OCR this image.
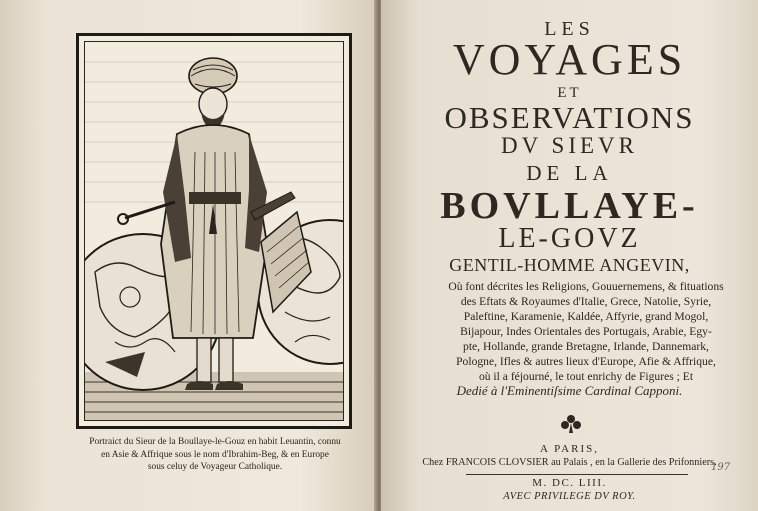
Portraict du Sieur de la Boullaye-le-Gouz en habit Leuantin, connu
en Asie & Affrique sous le nom d'Ibrahim-Beg, & en Europe
sous celuy de Voyageur Catholique.
LES
VOYAGES
ET
OBSERVATIONS
DV SIEVR
DE LA
BOVLLAYE-
LE-GOVZ
GENTIL-HOMME ANGEVIN,
Où font décrites les Religions, Gouuernemens, & fituations
des Eftats & Royaumes d'Italie, Grece, Natolie, Syrie,
Paleftine, Karamenie, Kaldée, Affyrie, grand Mogol,
Bijapour, Indes Orientales des Portugais, Arabie, Egy-
pte, Hollande, grande Bretagne, Irlande, Dannemark,
Pologne, Ifles & autres lieux d'Europe, Afie & Affrique,
où il a féjourné, le tout enrichy de Figures ; Et
Dedié à l'Eminentiſsime Cardinal Capponi.
A PARIS,
Chez FRANCOIS CLOVSIER au Palais , en la Gallerie des Prifonniers.
M. DC. LIII.
AVEC PRIVILEGE DV ROY.
197
